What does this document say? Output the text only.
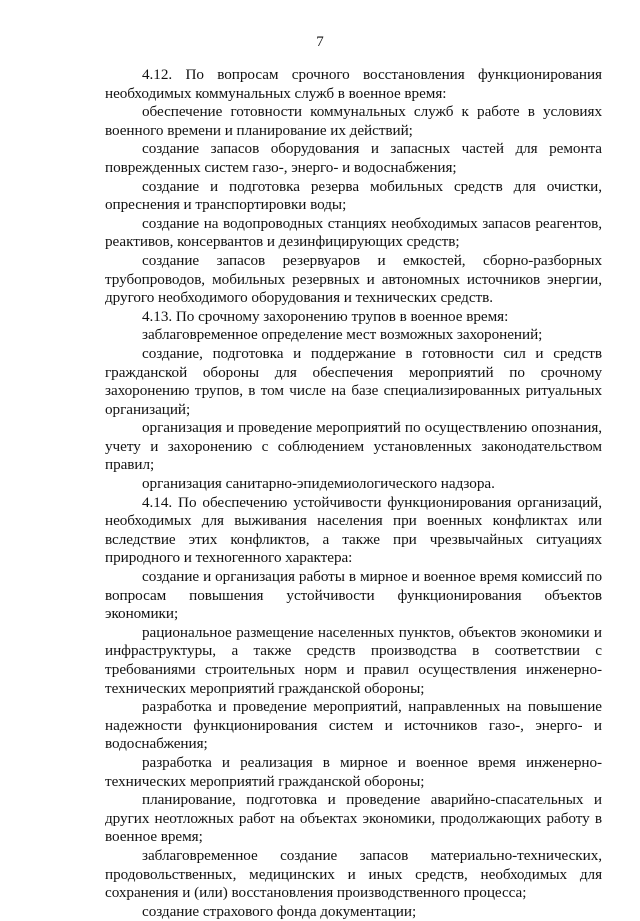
7

4.12. По вопросам срочного восстановления функционирования необходимых коммунальных служб в военное время:

обеспечение готовности коммунальных служб к работе в условиях военного времени и планирование их действий;

создание запасов оборудования и запасных частей для ремонта поврежденных систем газо-, энерго- и водоснабжения;

создание и подготовка резерва мобильных средств для очистки, опреснения и транспортировки воды;

создание на водопроводных станциях необходимых запасов реагентов, реактивов, консервантов и дезинфицирующих средств;

создание запасов резервуаров и емкостей, сборно-разборных трубопроводов, мобильных резервных и автономных источников энергии, другого необходимого оборудования и технических средств.

4.13. По срочному захоронению трупов в военное время:

заблаговременное определение мест возможных захоронений;

создание, подготовка и поддержание в готовности сил и средств гражданской обороны для обеспечения мероприятий по срочному захоронению трупов, в том числе на базе специализированных ритуальных организаций;

организация и проведение мероприятий по осуществлению опознания, учету и захоронению с соблюдением установленных законодательством правил;

организация санитарно-эпидемиологического надзора.

4.14. По обеспечению устойчивости функционирования организаций, необходимых для выживания населения при военных конфликтах или вследствие этих конфликтов, а также при чрезвычайных ситуациях природного и техногенного характера:

создание и организация работы в мирное и военное время комиссий по вопросам повышения устойчивости функционирования объектов экономики;

рациональное размещение населенных пунктов, объектов экономики и инфраструктуры, а также средств производства в соответствии с требованиями строительных норм и правил осуществления инженерно-технических мероприятий гражданской обороны;

разработка и проведение мероприятий, направленных на повышение надежности функционирования систем и источников газо-, энерго- и водоснабжения;

разработка и реализация в мирное и военное время инженерно-технических мероприятий гражданской обороны;

планирование, подготовка и проведение аварийно-спасательных и других неотложных работ на объектах экономики, продолжающих работу в военное время;

заблаговременное создание запасов материально-технических, продовольственных, медицинских и иных средств, необходимых для сохранения и (или) восстановления производственного процесса;

создание страхового фонда документации;
